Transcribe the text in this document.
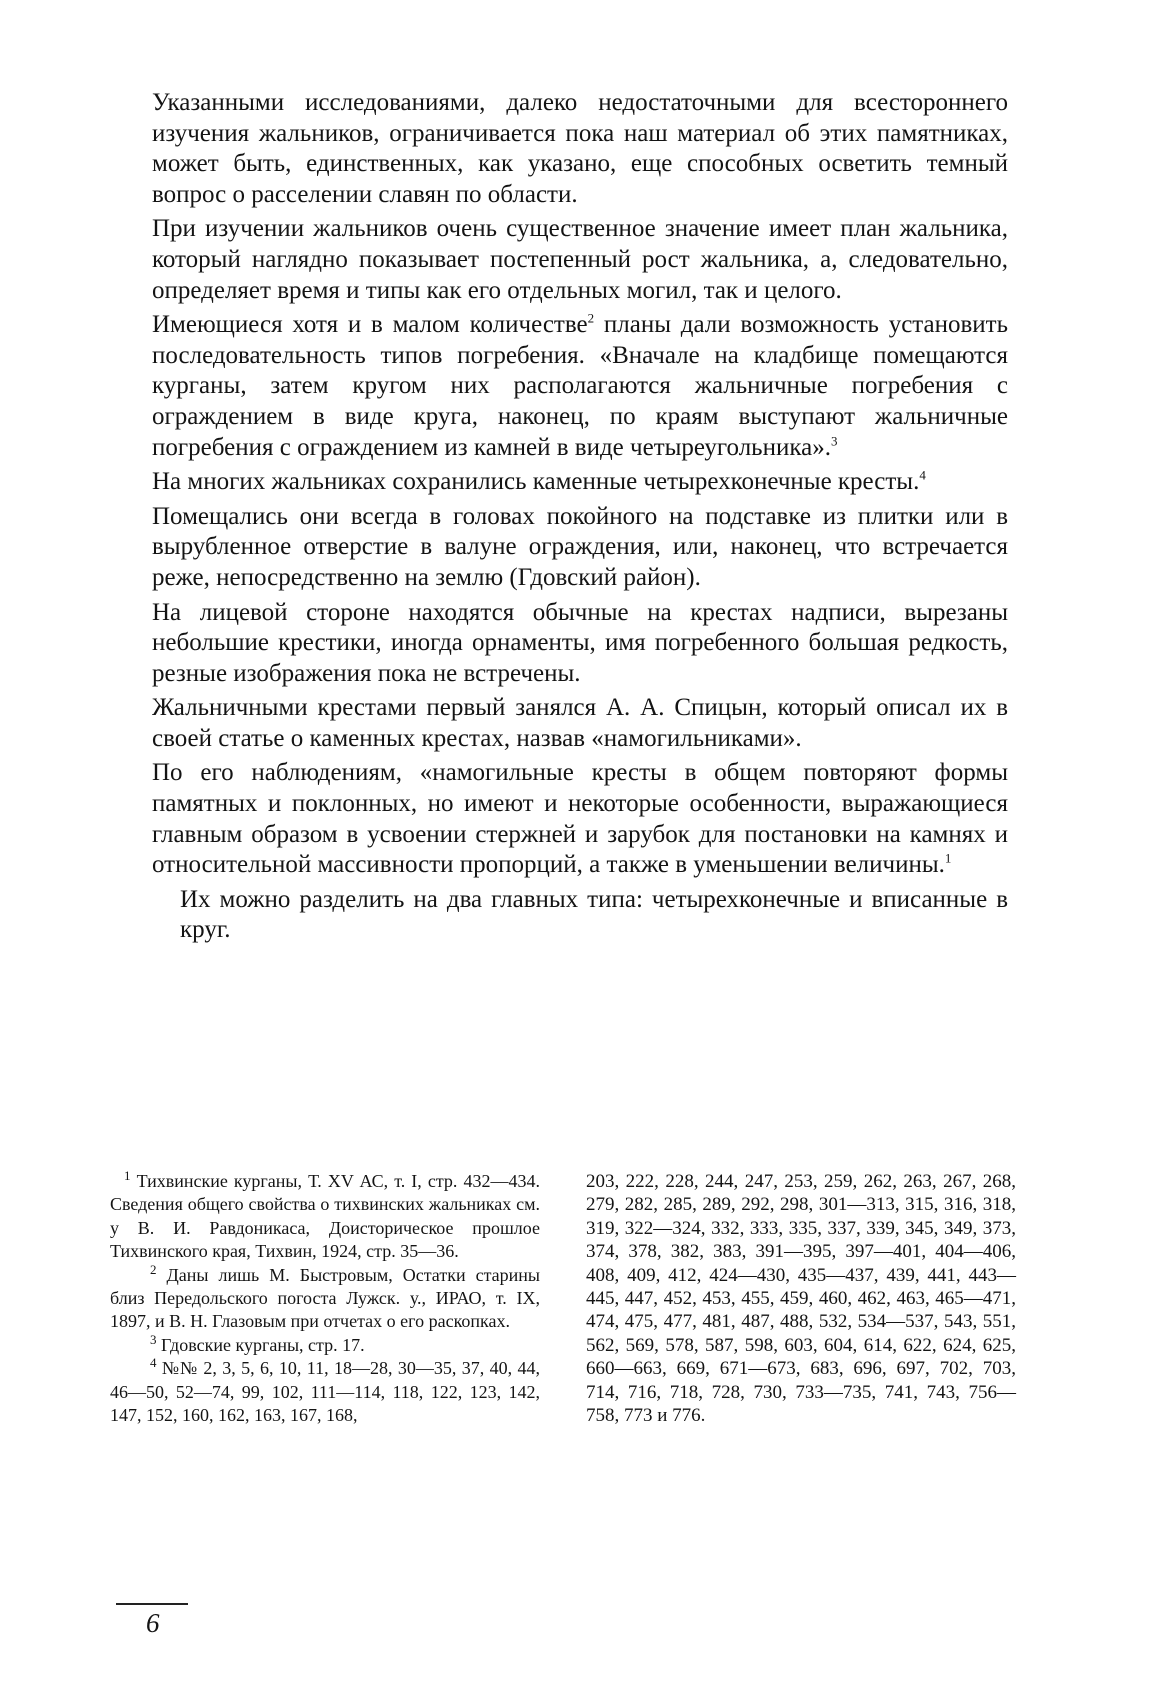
Указанными исследованиями, далеко недостаточными для всестороннего изучения жальников, ограничивается пока наш материал об этих памятниках, может быть, единственных, как указано, еще способных осветить темный вопрос о расселении славян по области.

При изучении жальников очень существенное значение имеет план жальника, который наглядно показывает постепенный рост жальника, а, следовательно, определяет время и типы как его отдельных могил, так и целого.

Имеющиеся хотя и в малом количестве$^2$ планы дали возможность установить последовательность типов погребения. «Вначале на кладбище помещаются курганы, затем кругом них располагаются жальничные погребения с ограждением в виде круга, наконец, по краям выступают жальничные погребения с ограждением из камней в виде четыреугольника».$^3$

На многих жальниках сохранились каменные четырехконечные кресты.$^4$

Помещались они всегда в головах покойного на подставке из плитки или в вырубленное отверстие в валуне ограждения, или, наконец, что встречается реже, непосредственно на землю (Гдовский район).

На лицевой стороне находятся обычные на крестах надписи, вырезаны небольшие крестики, иногда орнаменты, имя погребенного большая редкость, резные изображения пока не встречены.

Жальничными крестами первый занялся А. А. Спицын, который описал их в своей статье о каменных крестах, назвав «намогильниками».

По его наблюдениям, «намогильные кресты в общем повторяют формы памятных и поклонных, но имеют и некоторые особенности, выражающиеся главным образом в усвоении стержней и зарубок для постановки на камнях и относительной массивности пропорций, а также в уменьшении величины.$^1$

Их можно разделить на два главных типа: четырехконечные и вписанные в круг.

$^1$ Тихвинские курганы, Т. XV АС, т. I, стр. 432—434. Сведения общего свойства о тихвинских жальниках см. у В. И. Равдоникаса, Доисторическое прошлое Тихвинского края, Тихвин, 1924, стр. 35—36.

$^2$ Даны лишь М. Быстровым, Остатки старины близ Передольского погоста Лужск. у., ИРАО, т. IX, 1897, и В. Н. Глазовым при отчетах о его раскопках.

$^3$ Гдовские курганы, стр. 17.

$^4$ №№ 2, 3, 5, 6, 10, 11, 18—28, 30—35, 37, 40, 44, 46—50, 52—74, 99, 102, 111—114, 118, 122, 123, 142, 147, 152, 160, 162, 163, 167, 168,

203, 222, 228, 244, 247, 253, 259, 262, 263, 267, 268, 279, 282, 285, 289, 292, 298, 301—313, 315, 316, 318, 319, 322—324, 332, 333, 335, 337, 339, 345, 349, 373, 374, 378, 382, 383, 391—395, 397—401, 404—406, 408, 409, 412, 424—430, 435—437, 439, 441, 443—445, 447, 452, 453, 455, 459, 460, 462, 463, 465—471, 474, 475, 477, 481, 487, 488, 532, 534—537, 543, 551, 562, 569, 578, 587, 598, 603, 604, 614, 622, 624, 625, 660—663, 669, 671—673, 683, 696, 697, 702, 703, 714, 716, 718, 728, 730, 733—735, 741, 743, 756—758, 773 и 776.
6
